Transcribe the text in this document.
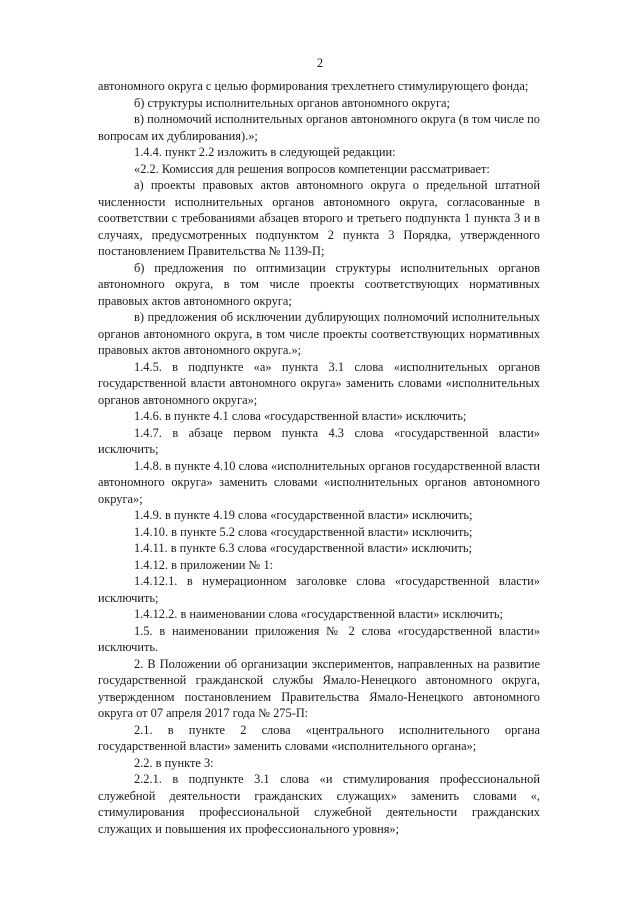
2

автономного округа с целью формирования трехлетнего стимулирующего фонда;

б) структуры исполнительных органов автономного округа;

в) полномочий исполнительных органов автономного округа (в том числе по вопросам их дублирования).»;

1.4.4. пункт 2.2 изложить в следующей редакции:

«2.2. Комиссия для решения вопросов компетенции рассматривает:

а) проекты правовых актов автономного округа о предельной штатной численности исполнительных органов автономного округа, согласованные в соответствии с требованиями абзацев второго и третьего подпункта 1 пункта 3 и в случаях, предусмотренных подпунктом 2 пункта 3 Порядка, утвержденного постановлением Правительства № 1139-П;

б) предложения по оптимизации структуры исполнительных органов автономного округа, в том числе проекты соответствующих нормативных правовых актов автономного округа;

в) предложения об исключении дублирующих полномочий исполнительных органов автономного округа, в том числе проекты соответствующих нормативных правовых актов автономного округа.»;

1.4.5. в подпункте «а» пункта 3.1 слова «исполнительных органов государственной власти автономного округа» заменить словами «исполнительных органов автономного округа»;

1.4.6. в пункте 4.1 слова «государственной власти» исключить;

1.4.7. в абзаце первом пункта 4.3 слова «государственной власти» исключить;

1.4.8. в пункте 4.10 слова «исполнительных органов государственной власти автономного округа» заменить словами «исполнительных органов автономного округа»;

1.4.9. в пункте 4.19 слова «государственной власти» исключить;

1.4.10. в пункте 5.2 слова «государственной власти» исключить;

1.4.11. в пункте 6.3 слова «государственной власти» исключить;

1.4.12. в приложении № 1:

1.4.12.1. в нумерационном заголовке слова «государственной власти» исключить;

1.4.12.2. в наименовании слова «государственной власти» исключить;

1.5. в наименовании приложения № 2 слова «государственной власти» исключить.

2. В Положении об организации экспериментов, направленных на развитие государственной гражданской службы Ямало-Ненецкого автономного округа, утвержденном постановлением Правительства Ямало-Ненецкого автономного округа от 07 апреля 2017 года № 275-П:

2.1. в пункте 2 слова «центрального исполнительного органа государственной власти» заменить словами «исполнительного органа»;

2.2. в пункте 3:

2.2.1. в подпункте 3.1 слова «и стимулирования профессиональной служебной деятельности гражданских служащих» заменить словами «, стимулирования профессиональной служебной деятельности гражданских служащих и повышения их профессионального уровня»;
